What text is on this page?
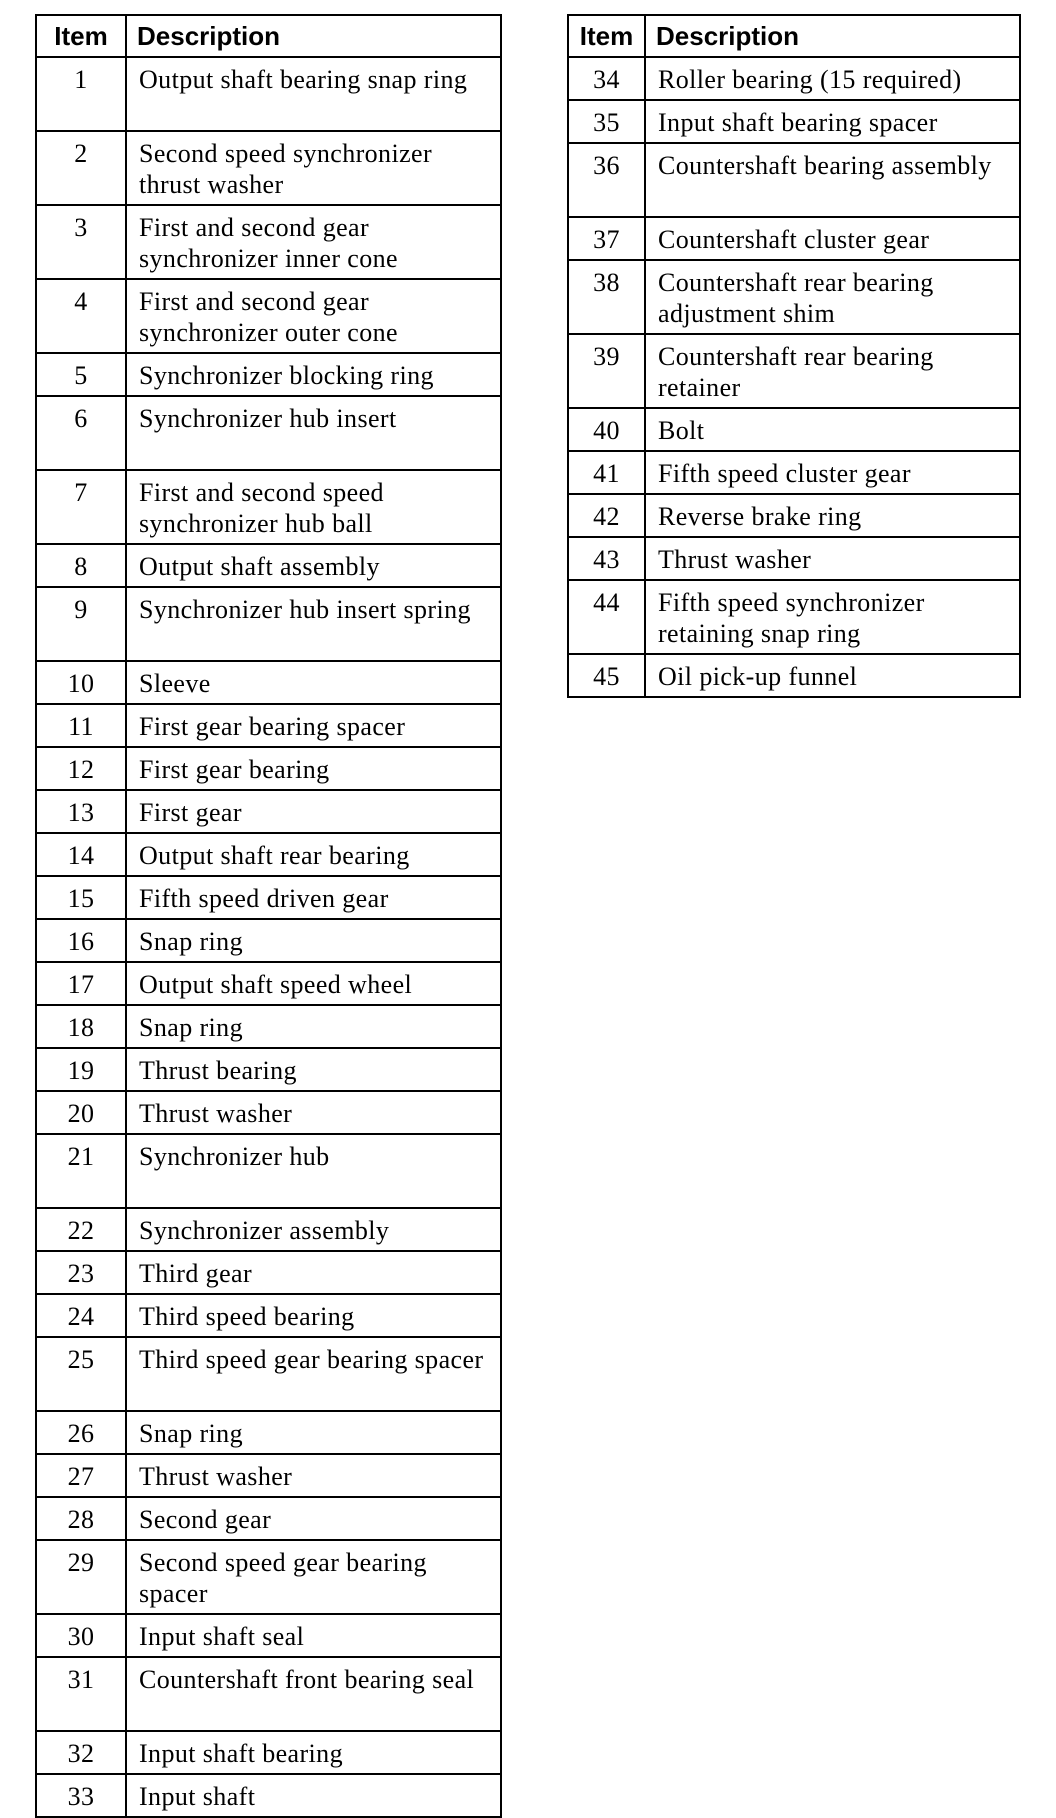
Item	Description
1	Output shaft bearing snap ring
2	Second speed synchronizer thrust washer
3	First and second gear synchronizer inner cone
4	First and second gear synchronizer outer cone
5	Synchronizer blocking ring
6	Synchronizer hub insert
7	First and second speed synchronizer hub ball
8	Output shaft assembly
9	Synchronizer hub insert spring
10	Sleeve
11	First gear bearing spacer
12	First gear bearing
13	First gear
14	Output shaft rear bearing
15	Fifth speed driven gear
16	Snap ring
17	Output shaft speed wheel
18	Snap ring
19	Thrust bearing
20	Thrust washer
21	Synchronizer hub
22	Synchronizer assembly
23	Third gear
24	Third speed bearing
25	Third speed gear bearing spacer
26	Snap ring
27	Thrust washer
28	Second gear
29	Second speed gear bearing spacer
30	Input shaft seal
31	Countershaft front bearing seal
32	Input shaft bearing
33	Input shaft
Item	Description
34	Roller bearing (15 required)
35	Input shaft bearing spacer
36	Countershaft bearing assembly
37	Countershaft cluster gear
38	Countershaft rear bearing adjustment shim
39	Countershaft rear bearing retainer
40	Bolt
41	Fifth speed cluster gear
42	Reverse brake ring
43	Thrust washer
44	Fifth speed synchronizer retaining snap ring
45	Oil pick-up funnel
